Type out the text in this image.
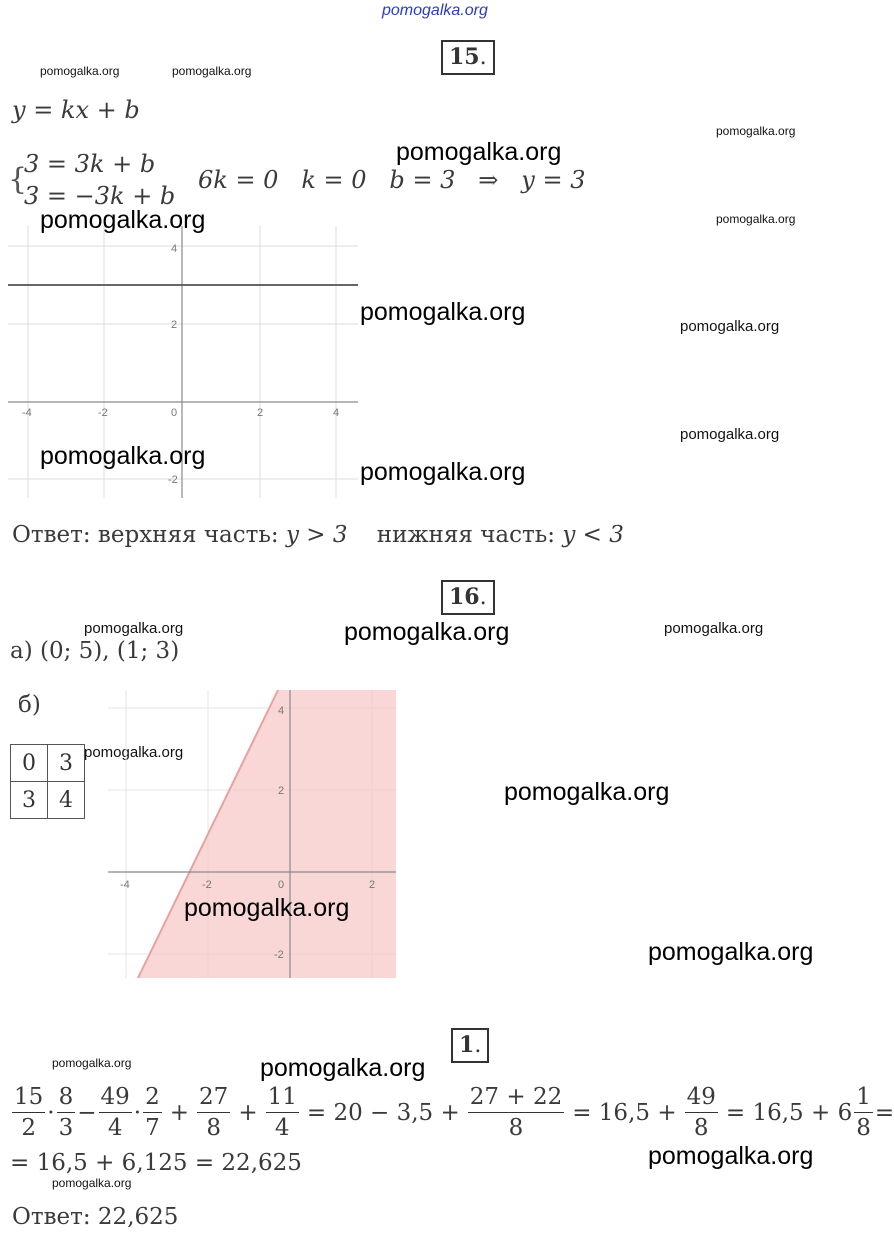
pomogalka.org
15.
pomogalka.org	pomogalka.org
pomogalka.org
pomogalka.org
y = kx + b
{
3 = 3k + b
3 = −3k + b
6k = 0   k = 0   b = 3   ⇒   y = 3
pomogalka.org
pomogalka.org
-4	-2	0	2	4
4
2
-2
pomogalka.org
pomogalka.org
pomogalka.org
pomogalka.org
pomogalka.org
Ответ: верхняя часть: y > 3 нижняя часть: y < 3
16.
pomogalka.org	pomogalka.org	pomogalka.org
а) (0; 5), (1; 3)
б)
0	3
3	4
pomogalka.org
-4	-2	0	2
4
2
-2
pomogalka.org
pomogalka.org
pomogalka.org
1.
pomogalka.org	pomogalka.org
$\frac{15}{2} \cdot \frac{8}{3} - \frac{49}{4} \cdot \frac{2}{7} + \frac{27}{8} + \frac{11}{4} = 20 - 3,5 + \frac{27 + 22}{8} = 16,5 + \frac{49}{8} = 16,5 + 6 \frac{1}{8}$ =
= 16,5 + 6,125 = 22,625	pomogalka.org
pomogalka.org
Ответ: 22,625
